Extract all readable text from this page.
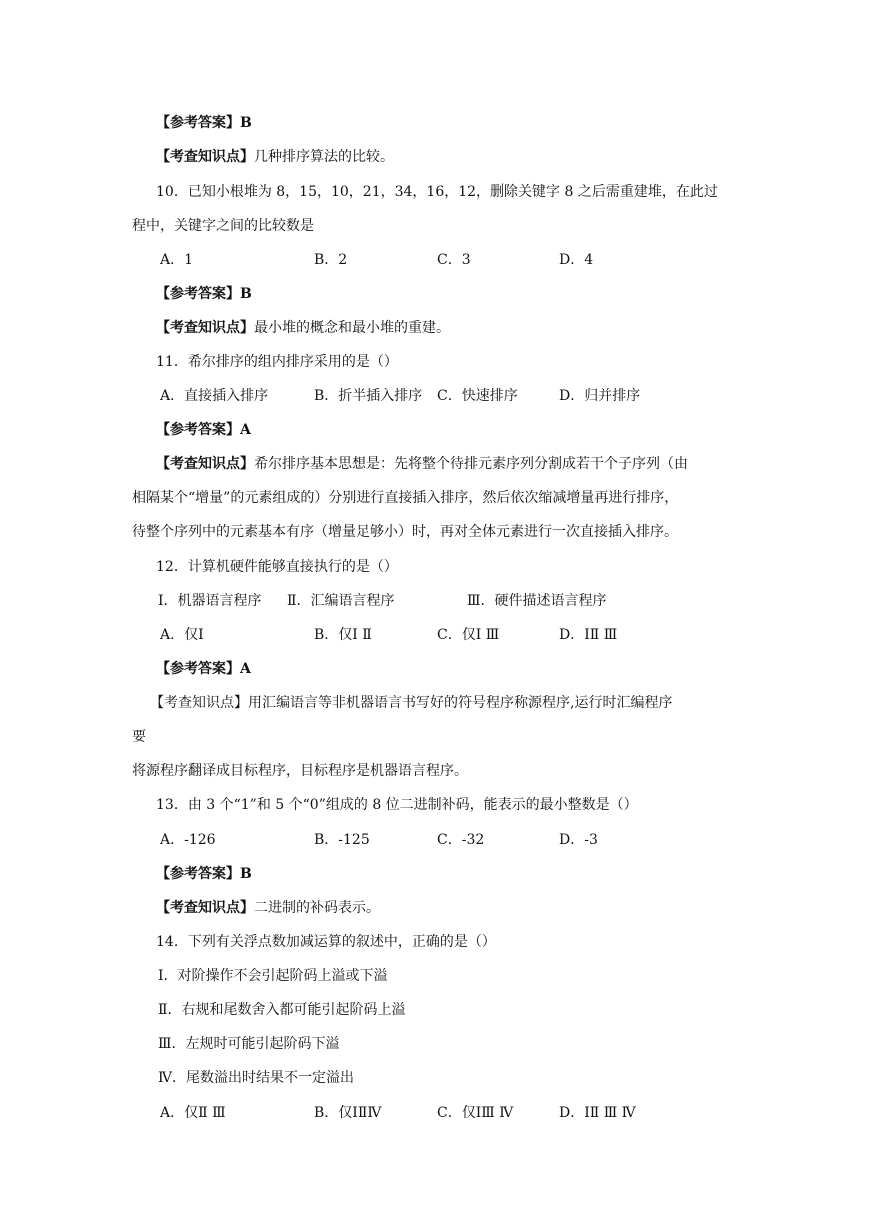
【参考答案】B
【考查知识点】几种排序算法的比较。
10．已知小根堆为 8，15，10，21，34，16，12，删除关键字 8 之后需重建堆，在此过
程中，关键字之间的比较数是
A．1	B．2	C．3	D．4
【参考答案】B
【考查知识点】最小堆的概念和最小堆的重建。
11．希尔排序的组内排序采用的是（）
A．直接插入排序	B．折半插入排序 C．快速排序	D．归并排序
【参考答案】A
【考查知识点】希尔排序基本思想是：先将整个待排元素序列分割成若干个子序列（由
相隔某个“增量”的元素组成的）分别进行直接插入排序，然后依次缩减增量再进行排序，
待整个序列中的元素基本有序（增量足够小）时，再对全体元素进行一次直接插入排序。
12．计算机硬件能够直接执行的是（）
Ⅰ．机器语言程序 Ⅱ．汇编语言程序	Ⅲ．硬件描述语言程序
A．仅Ⅰ	B．仅Ⅰ Ⅱ	C．仅Ⅰ Ⅲ	D．ⅠⅡ Ⅲ
【参考答案】A
【考查知识点】用汇编语言等非机器语言书写好的符号程序称源程序,运行时汇编程序
要
将源程序翻译成目标程序，目标程序是机器语言程序。
13．由 3 个“1”和 5 个“0”组成的 8 位二进制补码，能表示的最小整数是（）
A．-126	B．-125	C．-32	D．-3
【参考答案】B
【考查知识点】二进制的补码表示。
14．下列有关浮点数加减运算的叙述中，正确的是（）
Ⅰ．对阶操作不会引起阶码上溢或下溢
Ⅱ．右规和尾数舍入都可能引起阶码上溢
Ⅲ．左规时可能引起阶码下溢
Ⅳ．尾数溢出时结果不一定溢出
A．仅Ⅱ Ⅲ	B．仅ⅠⅡⅣ	C．仅ⅠⅢ Ⅳ	D．ⅠⅡ Ⅲ Ⅳ
